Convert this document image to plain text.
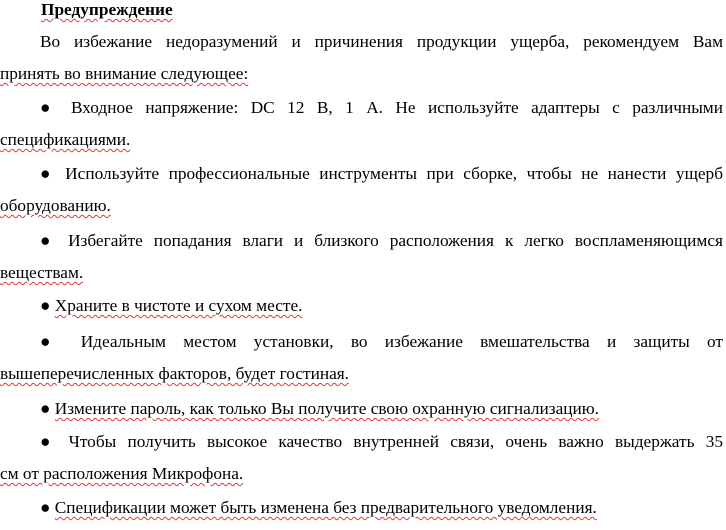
Предупреждение
Во избежание недоразумений и причинения продукции ущерба, рекомендуем Вам
принять во внимание следующее:
● Входное напряжение: DC 12 В, 1 А. Не используйте адаптеры с различными
спецификациями.
● Используйте профессиональные инструменты при сборке, чтобы не нанести ущерб
оборудованию.
● Избегайте попадания влаги и близкого расположения к легко воспламеняющимся
веществам.
● Храните в чистоте и сухом месте.
● Идеальным местом установки, во избежание вмешательства и защиты от
вышеперечисленных факторов, будет гостиная.
● Измените пароль, как только Вы получите свою охранную сигнализацию.
● Чтобы получить высокое качество внутренней связи, очень важно выдержать 35
см от расположения Микрофона.
● Спецификации может быть изменена без предварительного уведомления.
